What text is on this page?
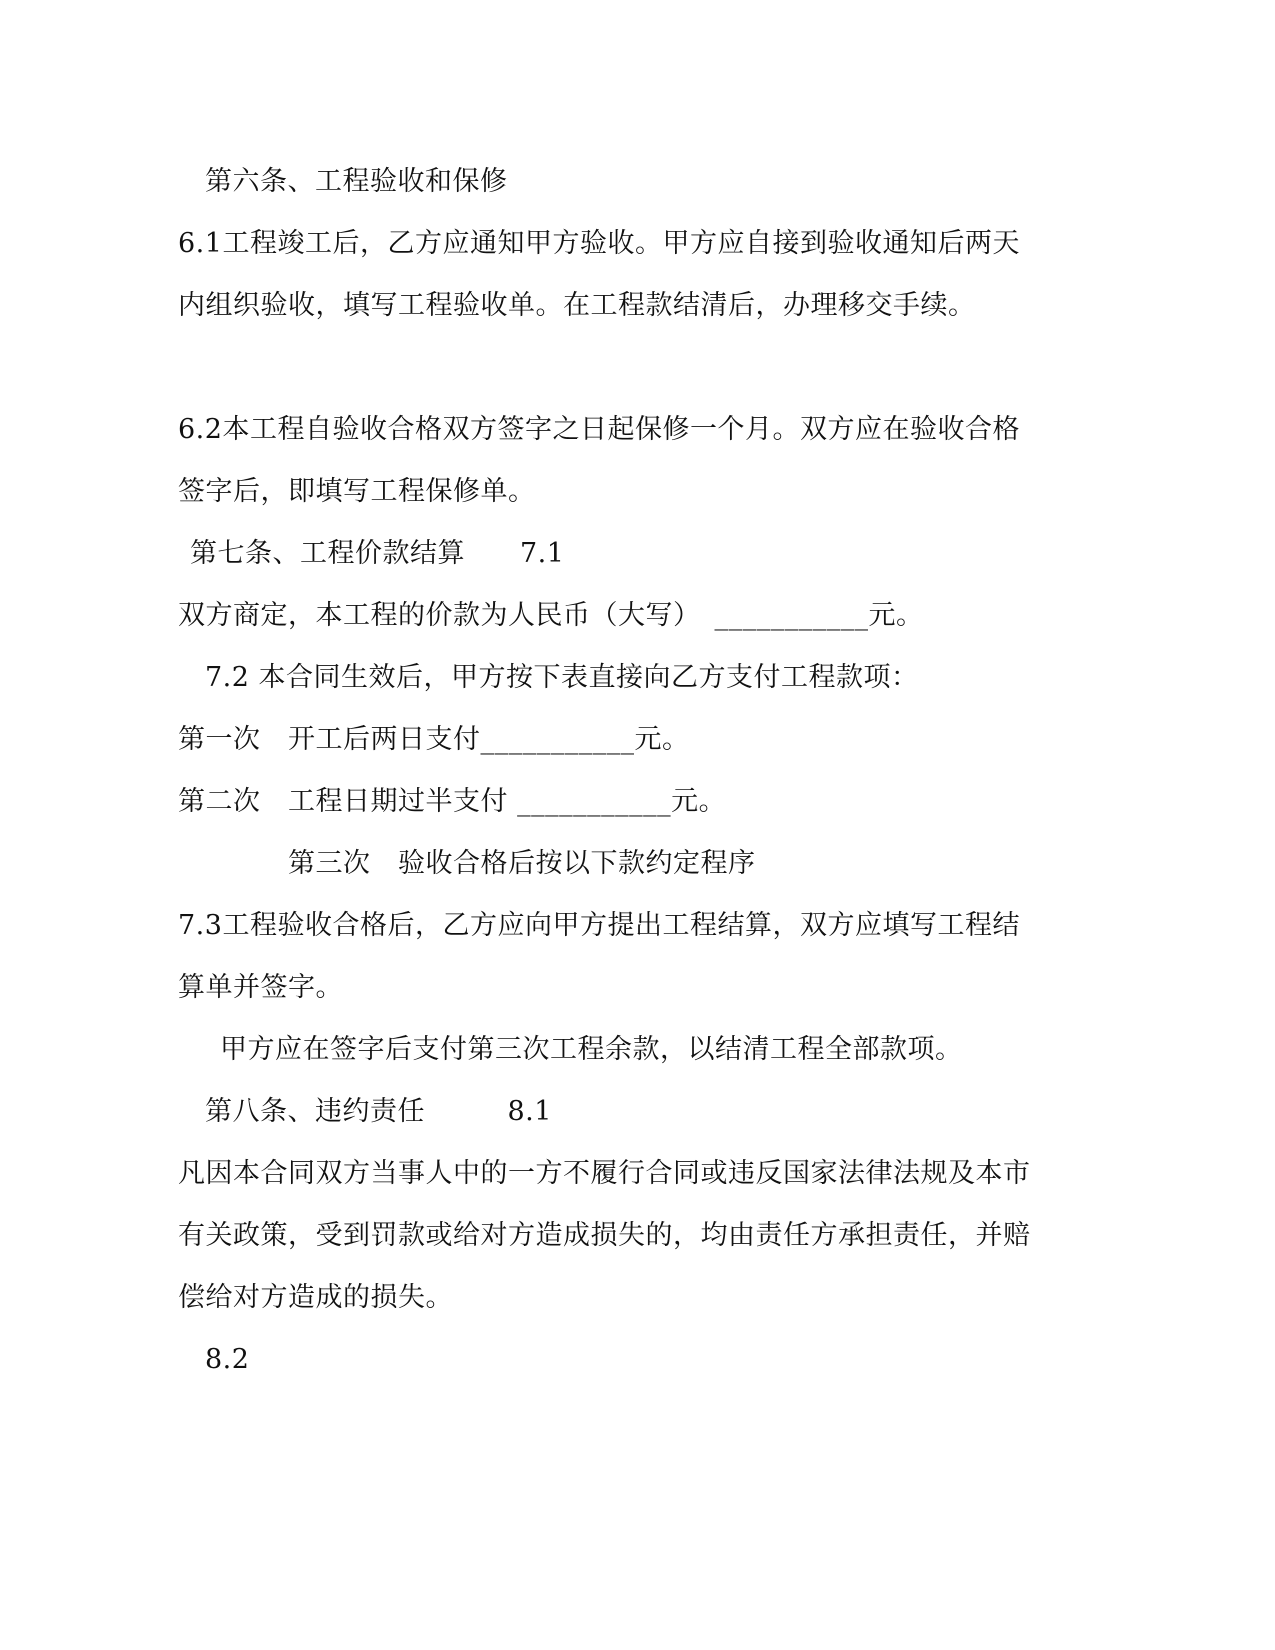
第六条、工程验收和保修
6.1工程竣工后，乙方应通知甲方验收。甲方应自接到验收通知后两天
内组织验收，填写工程验收单。在工程款结清后，办理移交手续。
6.2本工程自验收合格双方签字之日起保修一个月。双方应在验收合格
签字后，即填写工程保修单。
第七条、工程价款结算　　7.1
双方商定，本工程的价款为人民币（大写）　___________元。
7.2 本合同生效后，甲方按下表直接向乙方支付工程款项：
第一次　开工后两日支付___________元。
第二次　工程日期过半支付 ___________元。
第三次　验收合格后按以下款约定程序
7.3工程验收合格后，乙方应向甲方提出工程结算，双方应填写工程结
算单并签字。
甲方应在签字后支付第三次工程余款，以结清工程全部款项。
第八条、违约责任　　　8.1
凡因本合同双方当事人中的一方不履行合同或违反国家法律法规及本市
有关政策，受到罚款或给对方造成损失的，均由责任方承担责任，并赔
偿给对方造成的损失。
8.2
